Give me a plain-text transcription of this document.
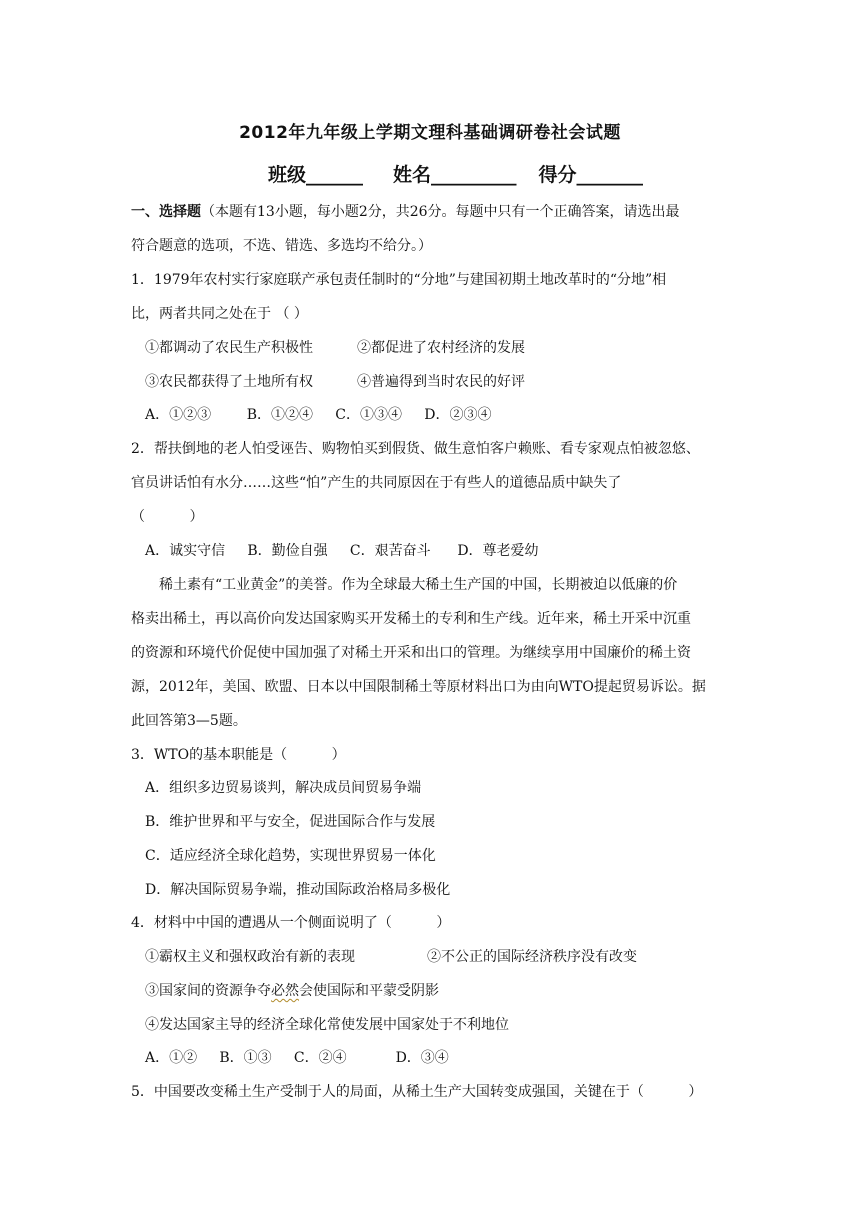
2012年九年级上学期文理科基础调研卷社会试题
班级______ 姓名_________ 得分_______
一、选择题（本题有13小题，每小题2分，共26分。每题中只有一个正确答案，请选出最
符合题意的选项，不选、错选、多选均不给分。）
1．1979年农村实行家庭联产承包责任制时的“分地”与建国初期土地改革时的“分地”相
比，两者共同之处在于 （ ）
①都调动了农民生产积极性	②都促进了农村经济的发展
③农民都获得了土地所有权	④普遍得到当时农民的好评
A．①②③        B．①②④     C．①③④     D．②③④
2．帮扶倒地的老人怕受诬告、购物怕买到假货、做生意怕客户赖账、看专家观点怕被忽悠、
官员讲话怕有水分……这些“怕”产生的共同原因在于有些人的道德品质中缺失了
（          ）
A．诚实守信     B．勤俭自强     C．艰苦奋斗      D．尊老爱幼
稀土素有“工业黄金”的美誉。作为全球最大稀土生产国的中国，长期被迫以低廉的价
格卖出稀土，再以高价向发达国家购买开发稀土的专利和生产线。近年来，稀土开采中沉重
的资源和环境代价促使中国加强了对稀土开采和出口的管理。为继续享用中国廉价的稀土资
源，2012年，美国、欧盟、日本以中国限制稀土等原材料出口为由向WTO提起贸易诉讼。据
此回答第3—5题。
3．WTO的基本职能是（          ）
A．组织多边贸易谈判，解决成员间贸易争端
B．维护世界和平与安全，促进国际合作与发展
C．适应经济全球化趋势，实现世界贸易一体化
D．解决国际贸易争端，推动国际政治格局多极化
4．材料中中国的遭遇从一个侧面说明了（          ）
①霸权主义和强权政治有新的表现	②不公正的国际经济秩序没有改变
③国家间的资源争夺必然会使国际和平蒙受阴影
④发达国家主导的经济全球化常使发展中国家处于不利地位
A．①②     B．①③     C．②④           D．③④
5．中国要改变稀土生产受制于人的局面，从稀土生产大国转变成强国，关键在于（          ）
